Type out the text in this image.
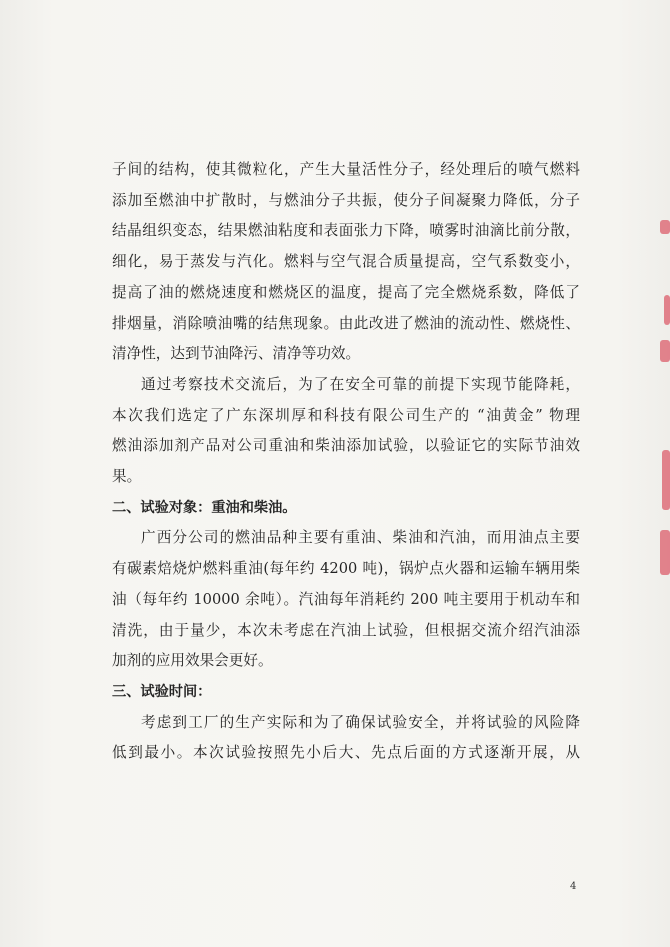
子间的结构，使其微粒化，产生大量活性分子，经处理后的喷气燃料
添加至燃油中扩散时，与燃油分子共振，使分子间凝聚力降低，分子
结晶组织变态，结果燃油粘度和表面张力下降，喷雾时油滴比前分散，
细化，易于蒸发与汽化。燃料与空气混合质量提高，空气系数变小，
提高了油的燃烧速度和燃烧区的温度，提高了完全燃烧系数，降低了
排烟量，消除喷油嘴的结焦现象。由此改进了燃油的流动性、燃烧性、
清净性，达到节油降污、清净等功效。

通过考察技术交流后，为了在安全可靠的前提下实现节能降耗，
本次我们选定了广东深圳厚和科技有限公司生产的 “油黄金” 物理
燃油添加剂产品对公司重油和柴油添加试验，以验证它的实际节油效
果。

二、试验对象：重油和柴油。

广西分公司的燃油品种主要有重油、柴油和汽油，而用油点主要
有碳素焙烧炉燃料重油(每年约 4200 吨)，锅炉点火器和运输车辆用柴
油（每年约 10000 余吨）。汽油每年消耗约 200 吨主要用于机动车和
清洗，由于量少，本次未考虑在汽油上试验，但根据交流介绍汽油添
加剂的应用效果会更好。

三、试验时间：

考虑到工厂的生产实际和为了确保试验安全，并将试验的风险降
低到最小。本次试验按照先小后大、先点后面的方式逐渐开展，从

4
